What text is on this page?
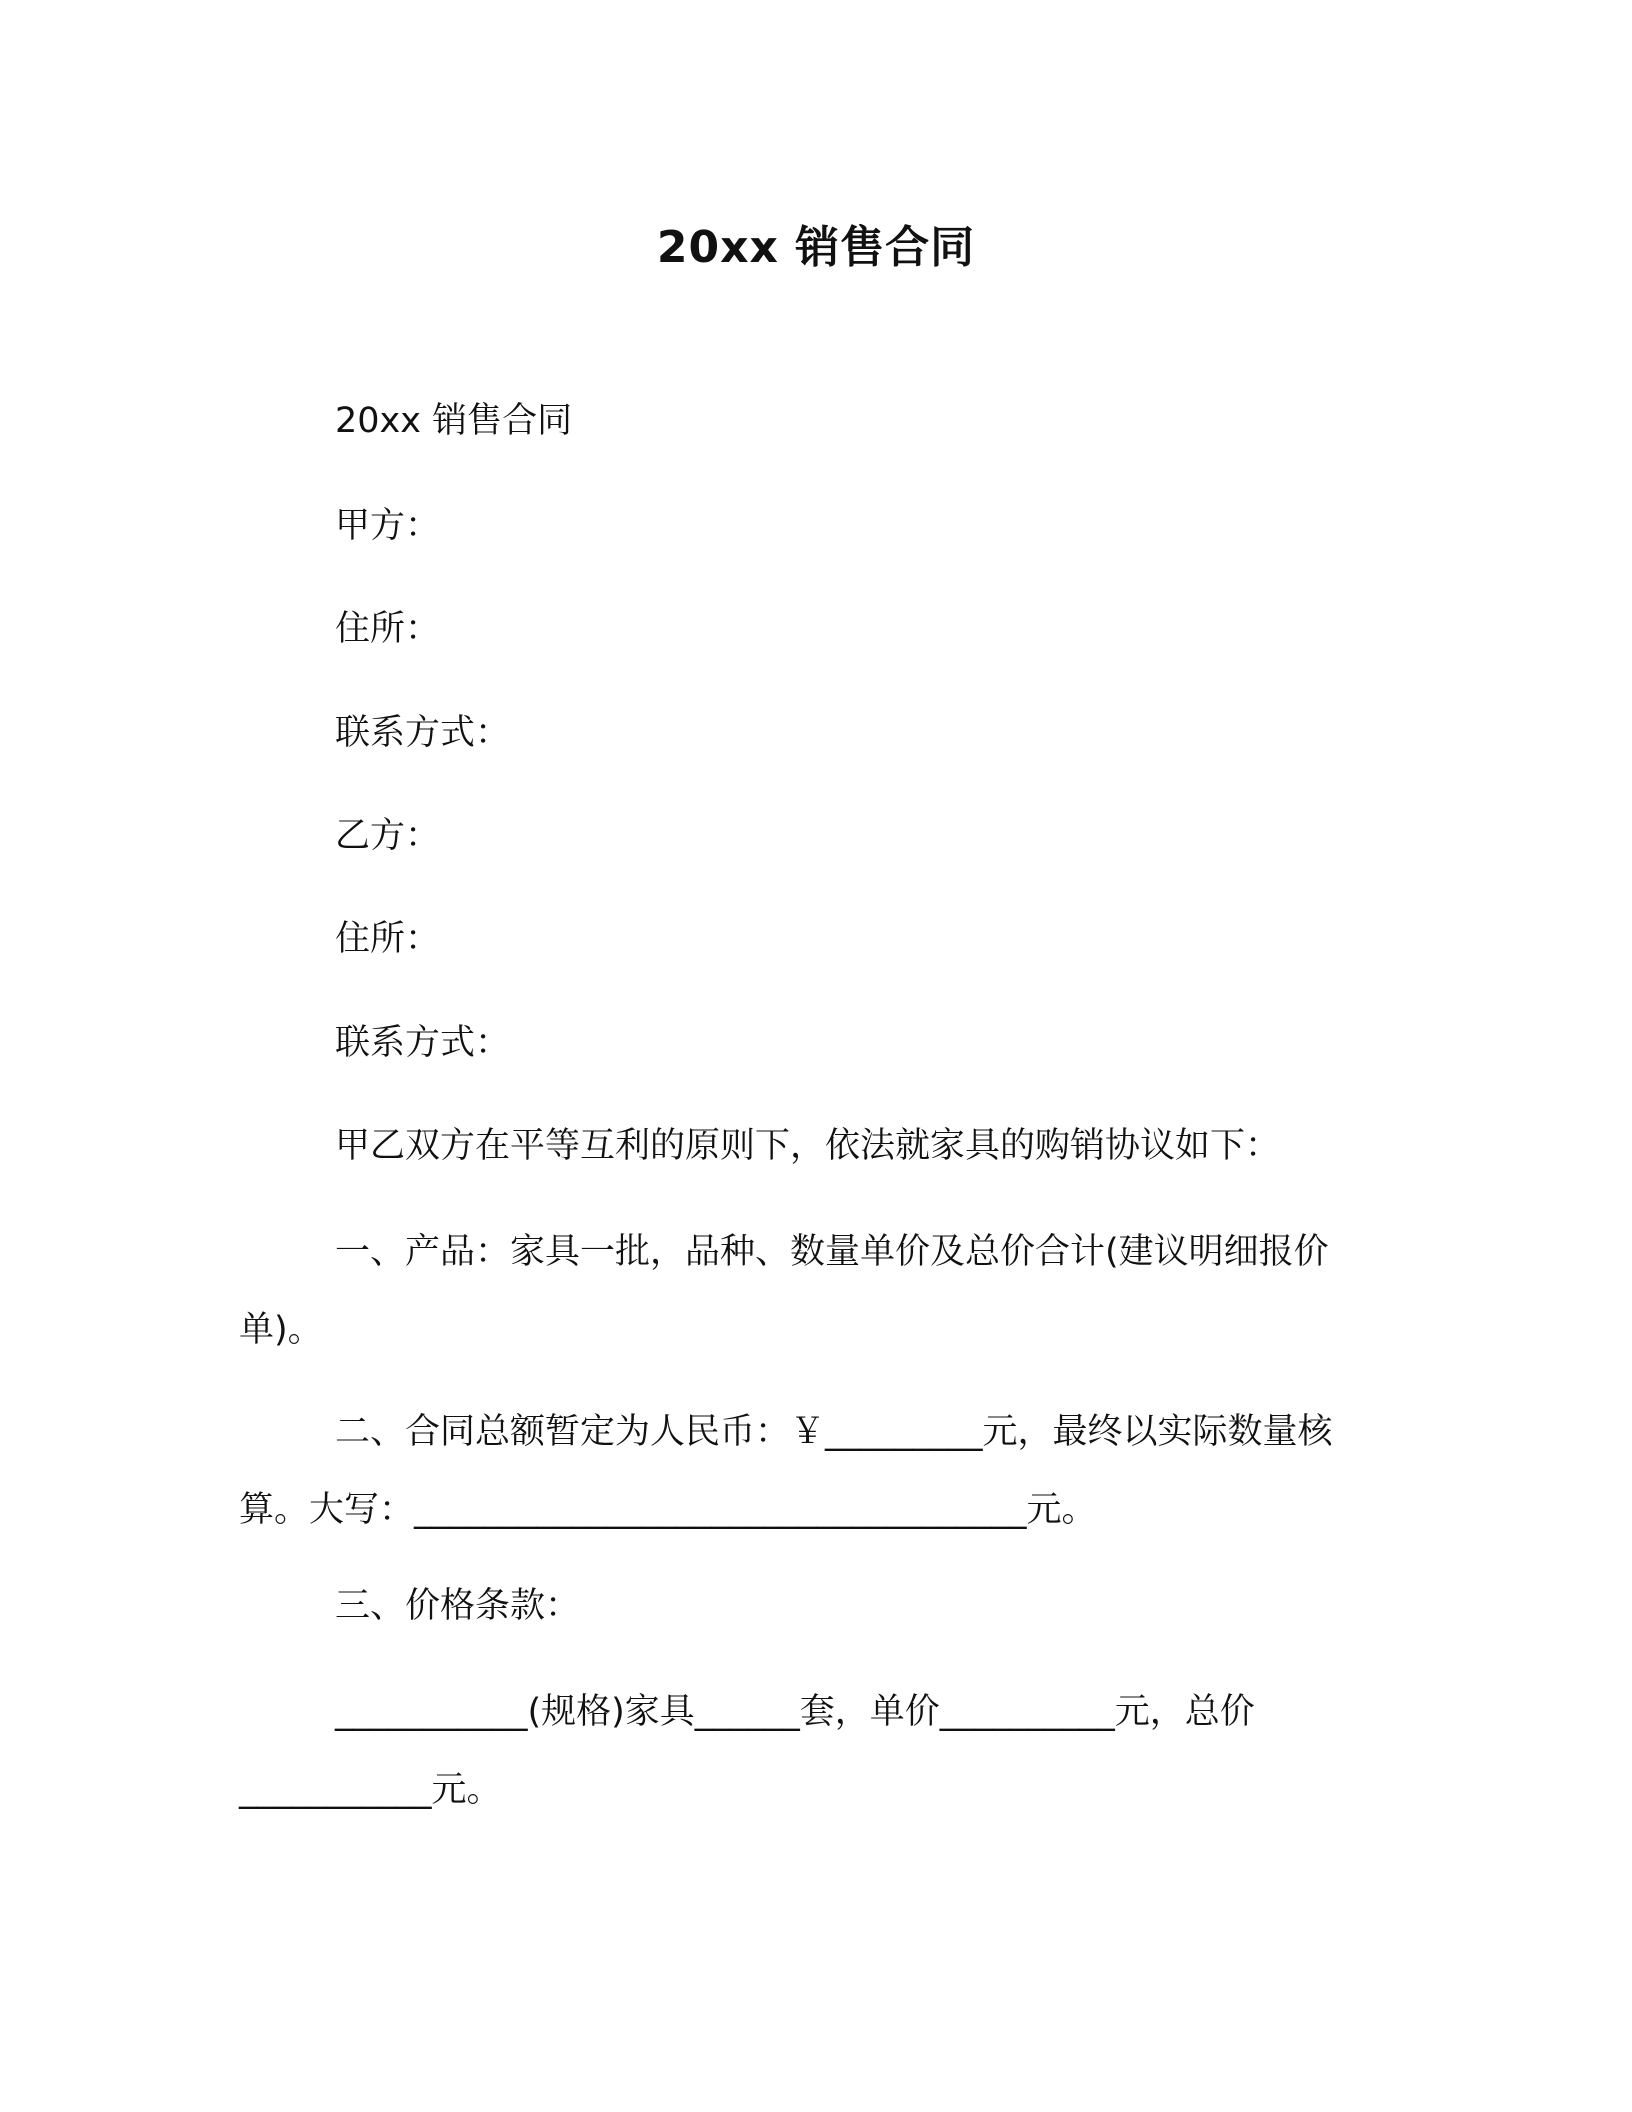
20xx 销售合同
20xx 销售合同
甲方：
住所：
联系方式：
乙方：
住所：
联系方式：
甲乙双方在平等互利的原则下，依法就家具的购销协议如下：
一、产品：家具一批，品种、数量单价及总价合计(建议明细报价单)。
二、合同总额暂定为人民币：￥_________元，最终以实际数量核算。大写：___________________________________元。
三、价格条款：
___________(规格)家具______套，单价__________元，总价___________元。
